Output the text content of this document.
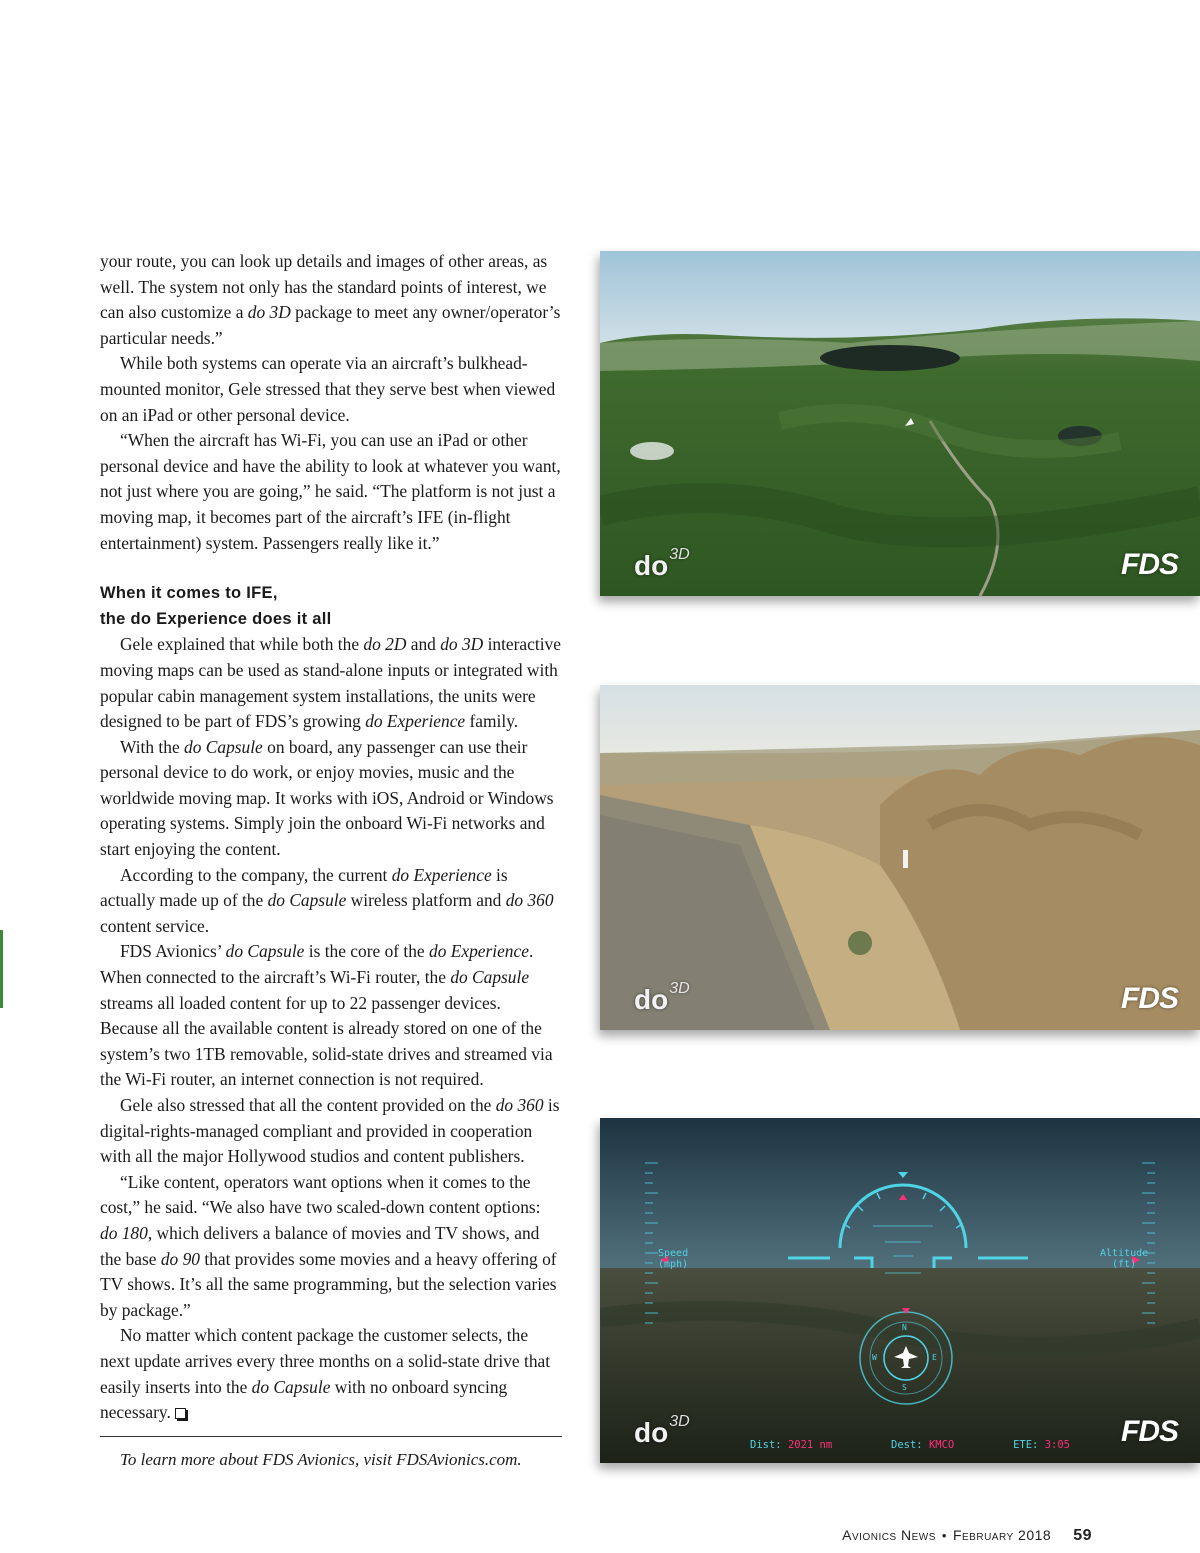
your route, you can look up details and images of other areas, as well. The system not only has the standard points of interest, we can also customize a do 3D package to meet any owner/operator’s particular needs.”

While both systems can operate via an aircraft’s bulkhead-mounted monitor, Gele stressed that they serve best when viewed on an iPad or other personal device.

“When the aircraft has Wi-Fi, you can use an iPad or other personal device and have the ability to look at whatever you want, not just where you are going,” he said. “The platform is not just a moving map, it becomes part of the aircraft’s IFE (in-flight entertainment) system. Passengers really like it.”

When it comes to IFE,
the do Experience does it all

Gele explained that while both the do 2D and do 3D interactive moving maps can be used as stand-alone inputs or integrated with popular cabin management system installations, the units were designed to be part of FDS’s growing do Experience family.

With the do Capsule on board, any passenger can use their personal device to do work, or enjoy movies, music and the worldwide moving map. It works with iOS, Android or Windows operating systems. Simply join the onboard Wi-Fi networks and start enjoying the content.

According to the company, the current do Experience is actually made up of the do Capsule wireless platform and do 360 content service.

FDS Avionics’ do Capsule is the core of the do Experience. When connected to the aircraft’s Wi-Fi router, the do Capsule streams all loaded content for up to 22 passenger devices. Because all the available content is already stored on one of the system’s two 1TB removable, solid-state drives and streamed via the Wi-Fi router, an internet connection is not required.

Gele also stressed that all the content provided on the do 360 is digital-rights-managed compliant and provided in cooperation with all the major Hollywood studios and content publishers.

“Like content, operators want options when it comes to the cost,” he said. “We also have two scaled-down content options: do 180, which delivers a balance of movies and TV shows, and the base do 90 that provides some movies and a heavy offering of TV shows. It’s all the same programming, but the selection varies by package.”

No matter which content package the customer selects, the next update arrives every three months on a solid-state drive that easily inserts into the do Capsule with no onboard syncing necessary.

To learn more about FDS Avionics, visit FDSAvionics.com.
$do^{3D}$	FDS
$do^{3D}$	FDS
Speed
(mph)
Altitude
(ft)
N
S
E
W
Dist: 2021 nm	Dest: KMCO	ETE: 3:05
$do^{3D}$	FDS
Avionics News • February 2018 59
